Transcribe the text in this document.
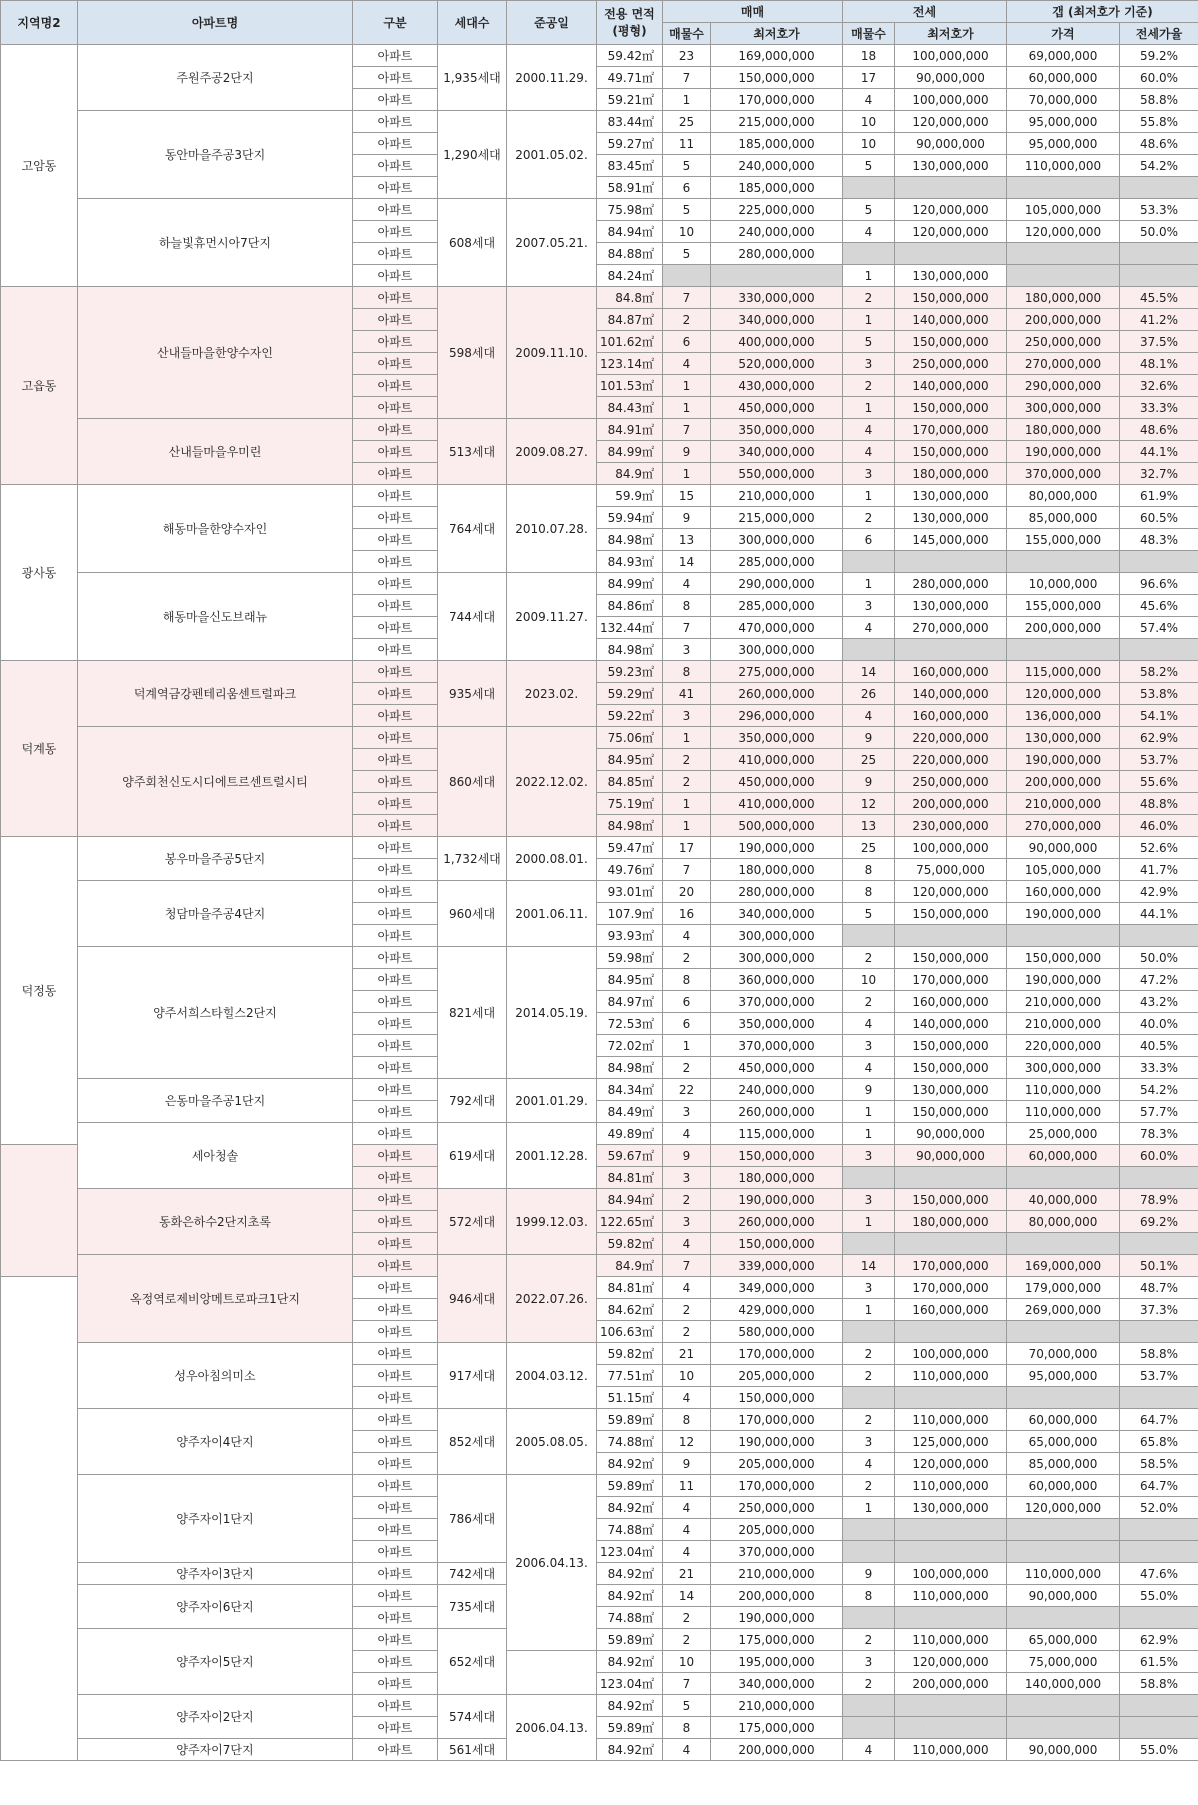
지역명2	아파트명	구분	세대수	준공일	전용 면적
(평형)	매매		전세		갭 (최저호가 기준)	
						매물수	최저호가	매물수	최저호가	가격	전세가율
고암동	주원주공2단지	아파트	1,935세대	2000.11.29.	59.42㎡	23	169,000,000	18	100,000,000	69,000,000	59.2%
		아파트			49.71㎡	7	150,000,000	17	90,000,000	60,000,000	60.0%
		아파트			59.21㎡	1	170,000,000	4	100,000,000	70,000,000	58.8%
	동안마을주공3단지	아파트	1,290세대	2001.05.02.	83.44㎡	25	215,000,000	10	120,000,000	95,000,000	55.8%
		아파트			59.27㎡	11	185,000,000	10	90,000,000	95,000,000	48.6%
		아파트			83.45㎡	5	240,000,000	5	130,000,000	110,000,000	54.2%
		아파트			58.91㎡	6	185,000,000				
	하늘빛휴먼시아7단지	아파트	608세대	2007.05.21.	75.98㎡	5	225,000,000	5	120,000,000	105,000,000	53.3%
		아파트			84.94㎡	10	240,000,000	4	120,000,000	120,000,000	50.0%
		아파트			84.88㎡	5	280,000,000				
		아파트			84.24㎡			1	130,000,000		
고읍동	산내들마을한양수자인	아파트	598세대	2009.11.10.	84.8㎡	7	330,000,000	2	150,000,000	180,000,000	45.5%
		아파트			84.87㎡	2	340,000,000	1	140,000,000	200,000,000	41.2%
		아파트			101.62㎡	6	400,000,000	5	150,000,000	250,000,000	37.5%
		아파트			123.14㎡	4	520,000,000	3	250,000,000	270,000,000	48.1%
		아파트			101.53㎡	1	430,000,000	2	140,000,000	290,000,000	32.6%
		아파트			84.43㎡	1	450,000,000	1	150,000,000	300,000,000	33.3%
	산내들마을우미린	아파트	513세대	2009.08.27.	84.91㎡	7	350,000,000	4	170,000,000	180,000,000	48.6%
		아파트			84.99㎡	9	340,000,000	4	150,000,000	190,000,000	44.1%
		아파트			84.9㎡	1	550,000,000	3	180,000,000	370,000,000	32.7%
광사동	해동마을한양수자인	아파트	764세대	2010.07.28.	59.9㎡	15	210,000,000	1	130,000,000	80,000,000	61.9%
		아파트			59.94㎡	9	215,000,000	2	130,000,000	85,000,000	60.5%
		아파트			84.98㎡	13	300,000,000	6	145,000,000	155,000,000	48.3%
		아파트			84.93㎡	14	285,000,000				
	해동마을신도브래뉴	아파트	744세대	2009.11.27.	84.99㎡	4	290,000,000	1	280,000,000	10,000,000	96.6%
		아파트			84.86㎡	8	285,000,000	3	130,000,000	155,000,000	45.6%
		아파트			132.44㎡	7	470,000,000	4	270,000,000	200,000,000	57.4%
		아파트			84.98㎡	3	300,000,000				
덕계동	덕계역금강펜테리움센트럴파크	아파트	935세대	2023.02.	59.23㎡	8	275,000,000	14	160,000,000	115,000,000	58.2%
		아파트			59.29㎡	41	260,000,000	26	140,000,000	120,000,000	53.8%
		아파트			59.22㎡	3	296,000,000	4	160,000,000	136,000,000	54.1%
	양주회천신도시디에트르센트럴시티	아파트	860세대	2022.12.02.	75.06㎡	1	350,000,000	9	220,000,000	130,000,000	62.9%
		아파트			84.95㎡	2	410,000,000	25	220,000,000	190,000,000	53.7%
		아파트			84.85㎡	2	450,000,000	9	250,000,000	200,000,000	55.6%
		아파트			75.19㎡	1	410,000,000	12	200,000,000	210,000,000	48.8%
		아파트			84.98㎡	1	500,000,000	13	230,000,000	270,000,000	46.0%
덕정동	봉우마을주공5단지	아파트	1,732세대	2000.08.01.	59.47㎡	17	190,000,000	25	100,000,000	90,000,000	52.6%
		아파트			49.76㎡	7	180,000,000	8	75,000,000	105,000,000	41.7%
	청담마을주공4단지	아파트	960세대	2001.06.11.	93.01㎡	20	280,000,000	8	120,000,000	160,000,000	42.9%
		아파트			107.9㎡	16	340,000,000	5	150,000,000	190,000,000	44.1%
		아파트			93.93㎡	4	300,000,000				
	양주서희스타힐스2단지	아파트	821세대	2014.05.19.	59.98㎡	2	300,000,000	2	150,000,000	150,000,000	50.0%
		아파트			84.95㎡	8	360,000,000	10	170,000,000	190,000,000	47.2%
		아파트			84.97㎡	6	370,000,000	2	160,000,000	210,000,000	43.2%
		아파트			72.53㎡	6	350,000,000	4	140,000,000	210,000,000	40.0%
		아파트			72.02㎡	1	370,000,000	3	150,000,000	220,000,000	40.5%
		아파트			84.98㎡	2	450,000,000	4	150,000,000	300,000,000	33.3%
	은동마을주공1단지	아파트	792세대	2001.01.29.	84.34㎡	22	240,000,000	9	130,000,000	110,000,000	54.2%
		아파트			84.49㎡	3	260,000,000	1	150,000,000	110,000,000	57.7%
	세아청솔	아파트	619세대	2001.12.28.	49.89㎡	4	115,000,000	1	90,000,000	25,000,000	78.3%
		아파트			59.67㎡	9	150,000,000	3	90,000,000	60,000,000	60.0%
		아파트			84.81㎡	3	180,000,000				
	동화은하수2단지초록	아파트	572세대	1999.12.03.	84.94㎡	2	190,000,000	3	150,000,000	40,000,000	78.9%
		아파트			122.65㎡	3	260,000,000	1	180,000,000	80,000,000	69.2%
		아파트			59.82㎡	4	150,000,000				
	옥정역로제비앙메트로파크1단지	아파트	946세대	2022.07.26.	84.9㎡	7	339,000,000	14	170,000,000	169,000,000	50.1%
		아파트			84.81㎡	4	349,000,000	3	170,000,000	179,000,000	48.7%
		아파트			84.62㎡	2	429,000,000	1	160,000,000	269,000,000	37.3%
		아파트			106.63㎡	2	580,000,000				
	성우아침의미소	아파트	917세대	2004.03.12.	59.82㎡	21	170,000,000	2	100,000,000	70,000,000	58.8%
		아파트			77.51㎡	10	205,000,000	2	110,000,000	95,000,000	53.7%
		아파트			51.15㎡	4	150,000,000				
	양주자이4단지	아파트	852세대	2005.08.05.	59.89㎡	8	170,000,000	2	110,000,000	60,000,000	64.7%
		아파트			74.88㎡	12	190,000,000	3	125,000,000	65,000,000	65.8%
		아파트			84.92㎡	9	205,000,000	4	120,000,000	85,000,000	58.5%
	양주자이1단지	아파트	786세대	2006.04.13.	59.89㎡	11	170,000,000	2	110,000,000	60,000,000	64.7%
		아파트			84.92㎡	4	250,000,000	1	130,000,000	120,000,000	52.0%
		아파트			74.88㎡	4	205,000,000				
		아파트			123.04㎡	4	370,000,000				
	양주자이3단지	아파트	742세대		84.92㎡	21	210,000,000	9	100,000,000	110,000,000	47.6%
	양주자이6단지	아파트	735세대		84.92㎡	14	200,000,000	8	110,000,000	90,000,000	55.0%
		아파트			74.88㎡	2	190,000,000				
	양주자이5단지	아파트	652세대		59.89㎡	2	175,000,000	2	110,000,000	65,000,000	62.9%
		아파트			84.92㎡	10	195,000,000	3	120,000,000	75,000,000	61.5%
		아파트			123.04㎡	7	340,000,000	2	200,000,000	140,000,000	58.8%
	양주자이2단지	아파트	574세대	2006.04.13.	84.92㎡	5	210,000,000				
		아파트			59.89㎡	8	175,000,000				
	양주자이7단지	아파트	561세대		84.92㎡	4	200,000,000	4	110,000,000	90,000,000	55.0%
